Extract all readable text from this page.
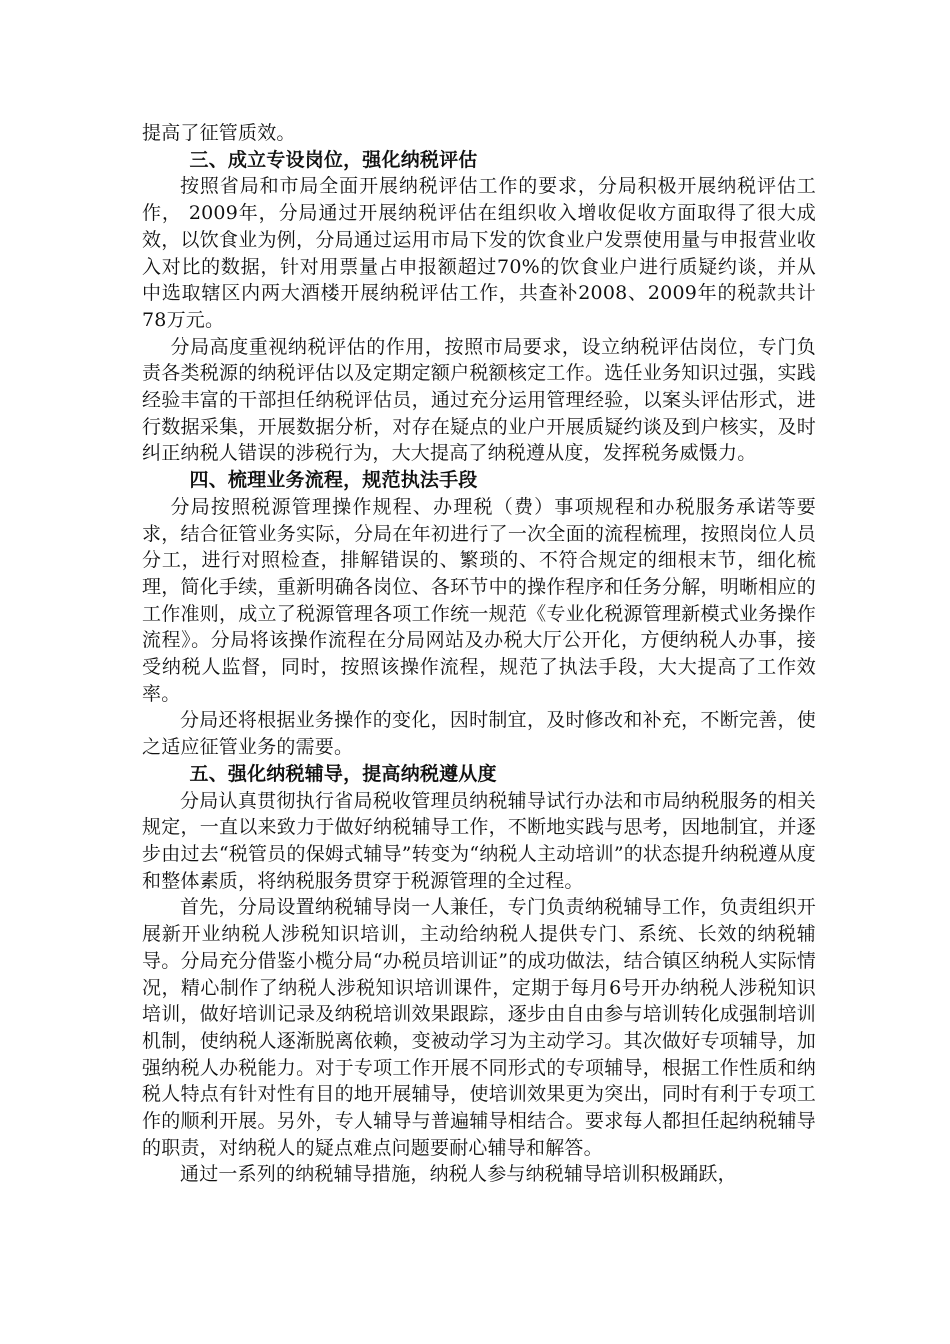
提高了征管质效。

三、成立专设岗位，强化纳税评估

按照省局和市局全面开展纳税评估工作的要求，分局积极开展纳税评估工作， 2009年，分局通过开展纳税评估在组织收入增收促收方面取得了很大成效，以饮食业为例，分局通过运用市局下发的饮食业户发票使用量与申报营业收入对比的数据，针对用票量占申报额超过70%的饮食业户进行质疑约谈，并从中选取辖区内两大酒楼开展纳税评估工作，共查补2008、2009年的税款共计78万元。

分局高度重视纳税评估的作用，按照市局要求，设立纳税评估岗位，专门负责各类税源的纳税评估以及定期定额户税额核定工作。选任业务知识过强，实践经验丰富的干部担任纳税评估员，通过充分运用管理经验，以案头评估形式，进行数据采集，开展数据分析，对存在疑点的业户开展质疑约谈及到户核实，及时纠正纳税人错误的涉税行为，大大提高了纳税遵从度，发挥税务威慑力。

四、梳理业务流程，规范执法手段

分局按照税源管理操作规程、办理税（费）事项规程和办税服务承诺等要求，结合征管业务实际，分局在年初进行了一次全面的流程梳理，按照岗位人员分工，进行对照检查，排解错误的、繁琐的、不符合规定的细根末节，细化梳理，简化手续，重新明确各岗位、各环节中的操作程序和任务分解，明晰相应的工作准则，成立了税源管理各项工作统一规范《专业化税源管理新模式业务操作流程》。分局将该操作流程在分局网站及办税大厅公开化，方便纳税人办事，接受纳税人监督，同时，按照该操作流程，规范了执法手段，大大提高了工作效率。

分局还将根据业务操作的变化，因时制宜，及时修改和补充，不断完善，使之适应征管业务的需要。

五、强化纳税辅导，提高纳税遵从度

分局认真贯彻执行省局税收管理员纳税辅导试行办法和市局纳税服务的相关规定，一直以来致力于做好纳税辅导工作，不断地实践与思考，因地制宜，并逐步由过去“税管员的保姆式辅导”转变为“纳税人主动培训”的状态提升纳税遵从度和整体素质，将纳税服务贯穿于税源管理的全过程。

首先，分局设置纳税辅导岗一人兼任，专门负责纳税辅导工作，负责组织开展新开业纳税人涉税知识培训，主动给纳税人提供专门、系统、长效的纳税辅导。分局充分借鉴小榄分局“办税员培训证”的成功做法，结合镇区纳税人实际情况，精心制作了纳税人涉税知识培训课件，定期于每月6号开办纳税人涉税知识培训，做好培训记录及纳税培训效果跟踪，逐步由自由参与培训转化成强制培训机制，使纳税人逐渐脱离依赖，变被动学习为主动学习。其次做好专项辅导，加强纳税人办税能力。对于专项工作开展不同形式的专项辅导，根据工作性质和纳税人特点有针对性有目的地开展辅导，使培训效果更为突出，同时有利于专项工作的顺利开展。另外，专人辅导与普遍辅导相结合。要求每人都担任起纳税辅导的职责，对纳税人的疑点难点问题要耐心辅导和解答。

通过一系列的纳税辅导措施，纳税人参与纳税辅导培训积极踊跃，
